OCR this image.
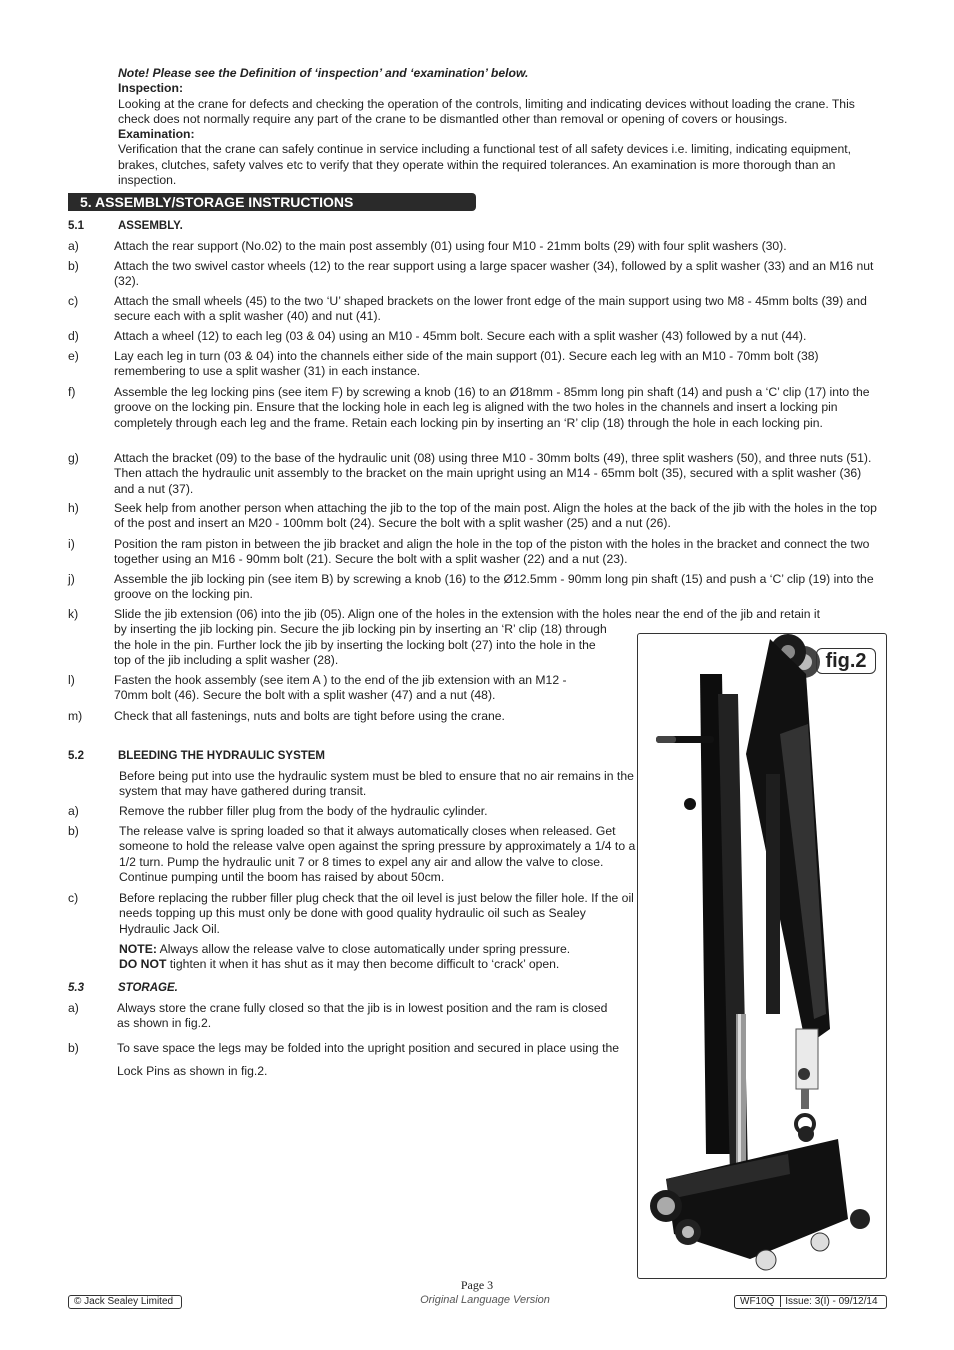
Note! Please see the Definition of ‘inspection’ and ‘examination’ below.

Inspection:

Looking at the crane for defects and checking the operation of the controls, limiting and indicating devices without loading the crane. This check does not normally require any part of the crane to be dismantled other than removal or opening of covers or housings.

Examination:

Verification that the crane can safely continue in service including a functional test of all safety devices i.e. limiting, indicating equipment, brakes, clutches, safety valves etc to verify that they operate within the required tolerances. An examination is more thorough than an inspection.

5. ASSEMBLY/STORAGE INSTRUCTIONS
5.1	ASSEMBLY.
a)	Attach the rear support (No.02) to the main post assembly (01) using four M10 - 21mm bolts (29) with four split washers (30).
b)	Attach the two swivel castor wheels (12) to the rear support using a large spacer washer (34), followed by a split washer (33) and an M16 nut (32).
c)	Attach the small wheels (45) to the two ‘U’ shaped brackets on the lower front edge of the main support using two M8 - 45mm bolts (39) and secure each with a split washer (40) and nut (41).
d)	Attach a wheel (12) to each leg (03 & 04) using an M10 - 45mm bolt. Secure each with a split washer (43) followed by a nut (44).
e)	Lay each leg in turn (03 & 04) into the channels either side of the main support (01). Secure each leg with an M10 - 70mm bolt (38) remembering to use a split washer (31) in each instance.
f)	Assemble the leg locking pins (see item F) by screwing a knob (16) to an Ø18mm - 85mm long pin shaft (14) and push a ‘C’ clip (17) into the groove on the locking pin. Ensure that the locking hole in each leg is aligned with the two holes in the channels and insert a locking pin completely through each leg and the frame. Retain each locking pin by inserting an ‘R’ clip (18) through the hole in each locking pin.
g)	Attach the bracket (09) to the base of the hydraulic unit (08) using three M10 - 30mm bolts (49), three split washers (50), and three nuts (51). Then attach the hydraulic unit assembly to the bracket on the main upright using an M14 - 65mm bolt (35), secured with a split washer (36) and a nut (37).
h)	Seek help from another person when attaching the jib to the top of the main post. Align the holes at the back of the jib with the holes in the top of the post and insert an M20 - 100mm bolt (24). Secure the bolt with a split washer (25) and a nut (26).
i)	Position the ram piston in between the jib bracket and align the hole in the top of the piston with the holes in the bracket and connect the two together using an M16 - 90mm bolt (21). Secure the bolt with a split washer (22) and a nut (23).
j)	Assemble the jib locking pin (see item B) by screwing a knob (16) to the Ø12.5mm - 90mm long pin shaft (15) and push a ‘C’ clip (19) into the groove on the locking pin.
k)	Slide the jib extension (06) into the jib (05). Align one of the holes in the extension with the holes near the end of the jib and retain it
by inserting the jib locking pin. Secure the jib locking pin by inserting an ‘R’ clip (18) through the hole in the pin. Further lock the jib by inserting the locking bolt (27) into the hole in the top of the jib including a split washer (28).
l)	Fasten the hook assembly (see item A ) to the end of the jib extension with an M12 - 70mm bolt (46). Secure the bolt with a split washer (47) and a nut (48).
m)	Check that all fastenings, nuts and bolts are tight before using the crane.
5.2	BLEEDING THE HYDRAULIC SYSTEM
Before being put into use the hydraulic system must be bled to ensure that no air remains in the system that may have gathered during transit.
a)	Remove the rubber filler plug from the body of the hydraulic cylinder.
b)	The release valve is spring loaded so that it always automatically closes when released. Get someone to hold the release valve open against the spring pressure by approximately a 1/4 to a 1/2 turn. Pump the hydraulic unit 7 or 8 times to expel any air and allow the valve to close. Continue pumping until the boom has raised by about 50cm.
c)	Before replacing the rubber filler plug check that the oil level is just below the filler hole. If the oil needs topping up this must only be done with good quality hydraulic oil such as Sealey Hydraulic Jack Oil.
NOTE: Always allow the release valve to close automatically under spring pressure.
DO NOT tighten it when it has shut as it may then become difficult to ‘crack’ open.
5.3	STORAGE.
a)	Always store the crane fully closed so that the jib is in lowest position and the ram is closed as shown in fig.2.
b)	To save space the legs may be folded into the upright position and secured in place using the Lock Pins as shown in fig.2.
fig.2
Page 3
Original Language Version
© Jack Sealey Limited	WF10Q Issue: 3(I) - 09/12/14
